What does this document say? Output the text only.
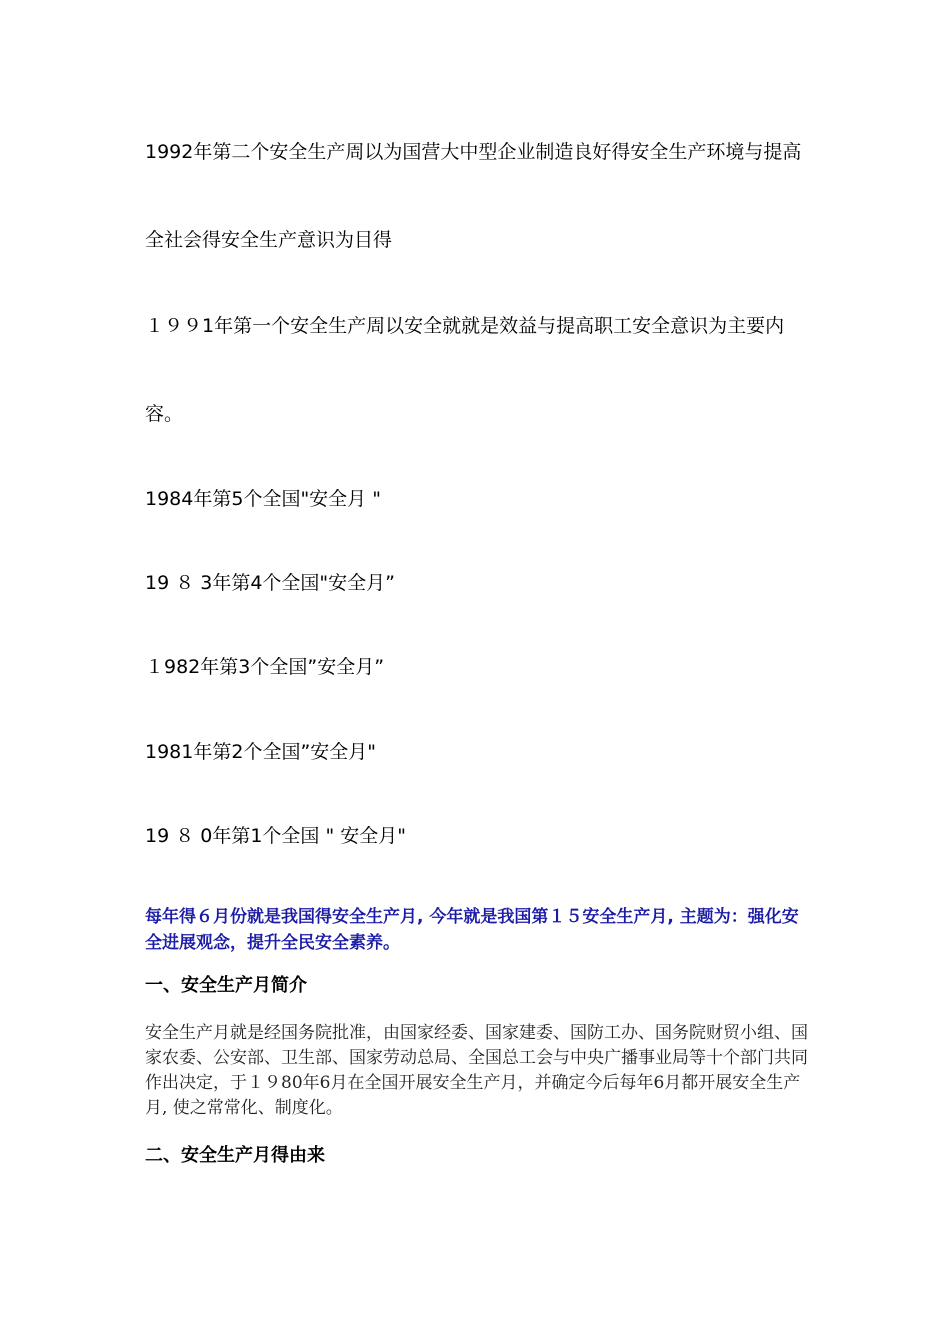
1992年第二个安全生产周以为国营大中型企业制造良好得安全生产环境与提高
全社会得安全生产意识为目得
１９９1年第一个安全生产周以安全就就是效益与提高职工安全意识为主要内
容。
1984年第5个全国"安全月 "
19 ８ 3年第4个全国"安全月”
１982年第3个全国”安全月”
1981年第2个全国”安全月"
19 ８ 0年第1个全国 " 安全月"
每年得６月份就是我国得安全生产月, 今年就是我国第１５安全生产月, 主题为：强化安全进展观念，提升全民安全素养。
一、安全生产月简介
安全生产月就是经国务院批准，由国家经委、国家建委、国防工办、国务院财贸小组、国家农委、公安部、卫生部、国家劳动总局、全国总工会与中央广播事业局等十个部门共同作出决定，于１９80年6月在全国开展安全生产月，并确定今后每年6月都开展安全生产月, 使之常常化、制度化。
二、安全生产月得由来
